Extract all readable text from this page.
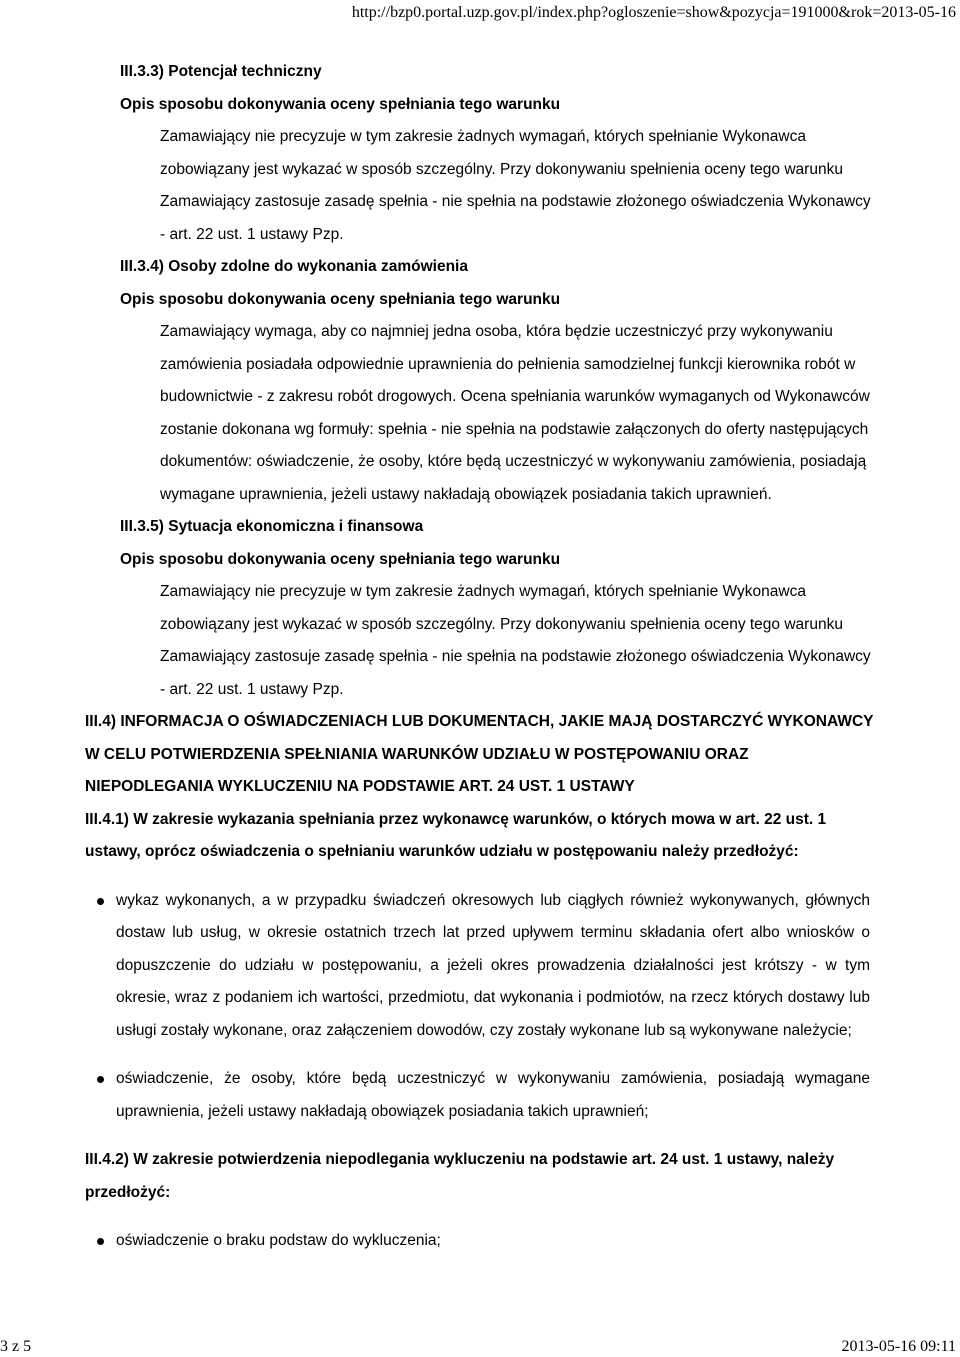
http://bzp0.portal.uzp.gov.pl/index.php?ogloszenie=show&pozycja=191000&rok=2013-05-16
III.3.3) Potencjał techniczny
Opis sposobu dokonywania oceny spełniania tego warunku
Zamawiający nie precyzuje w tym zakresie żadnych wymagań, których spełnianie Wykonawca
zobowiązany jest wykazać w sposób szczególny. Przy dokonywaniu spełnienia oceny tego warunku
Zamawiający zastosuje zasadę spełnia - nie spełnia na podstawie złożonego oświadczenia Wykonawcy
- art. 22 ust. 1 ustawy Pzp.
III.3.4) Osoby zdolne do wykonania zamówienia
Opis sposobu dokonywania oceny spełniania tego warunku
Zamawiający wymaga, aby co najmniej jedna osoba, która będzie uczestniczyć przy wykonywaniu
zamówienia posiadała odpowiednie uprawnienia do pełnienia samodzielnej funkcji kierownika robót w
budownictwie - z zakresu robót drogowych. Ocena spełniania warunków wymaganych od Wykonawców
zostanie dokonana wg formuły: spełnia - nie spełnia na podstawie załączonych do oferty następujących
dokumentów: oświadczenie, że osoby, które będą uczestniczyć w wykonywaniu zamówienia, posiadają
wymagane uprawnienia, jeżeli ustawy nakładają obowiązek posiadania takich uprawnień.
III.3.5) Sytuacja ekonomiczna i finansowa
Opis sposobu dokonywania oceny spełniania tego warunku
Zamawiający nie precyzuje w tym zakresie żadnych wymagań, których spełnianie Wykonawca
zobowiązany jest wykazać w sposób szczególny. Przy dokonywaniu spełnienia oceny tego warunku
Zamawiający zastosuje zasadę spełnia - nie spełnia na podstawie złożonego oświadczenia Wykonawcy
- art. 22 ust. 1 ustawy Pzp.
III.4) INFORMACJA O OŚWIADCZENIACH LUB DOKUMENTACH, JAKIE MAJĄ DOSTARCZYĆ WYKONAWCY
W CELU POTWIERDZENIA SPEŁNIANIA WARUNKÓW UDZIAŁU W POSTĘPOWANIU ORAZ
NIEPODLEGANIA WYKLUCZENIU NA PODSTAWIE ART. 24 UST. 1 USTAWY
III.4.1) W zakresie wykazania spełniania przez wykonawcę warunków, o których mowa w art. 22 ust. 1
ustawy, oprócz oświadczenia o spełnianiu warunków udziału w postępowaniu należy przedłożyć:
wykaz wykonanych, a w przypadku świadczeń okresowych lub ciągłych również wykonywanych, głównych dostaw lub usług, w okresie ostatnich trzech lat przed upływem terminu składania ofert albo wniosków o dopuszczenie do udziału w postępowaniu, a jeżeli okres prowadzenia działalności jest krótszy - w tym okresie, wraz z podaniem ich wartości, przedmiotu, dat wykonania i podmiotów, na rzecz których dostawy lub usługi zostały wykonane, oraz załączeniem dowodów, czy zostały wykonane lub są wykonywane należycie;
oświadczenie, że osoby, które będą uczestniczyć w wykonywaniu zamówienia, posiadają wymagane uprawnienia, jeżeli ustawy nakładają obowiązek posiadania takich uprawnień;
III.4.2) W zakresie potwierdzenia niepodlegania wykluczeniu na podstawie art. 24 ust. 1 ustawy, należy
przedłożyć:
oświadczenie o braku podstaw do wykluczenia;
3 z 5	2013-05-16 09:11
